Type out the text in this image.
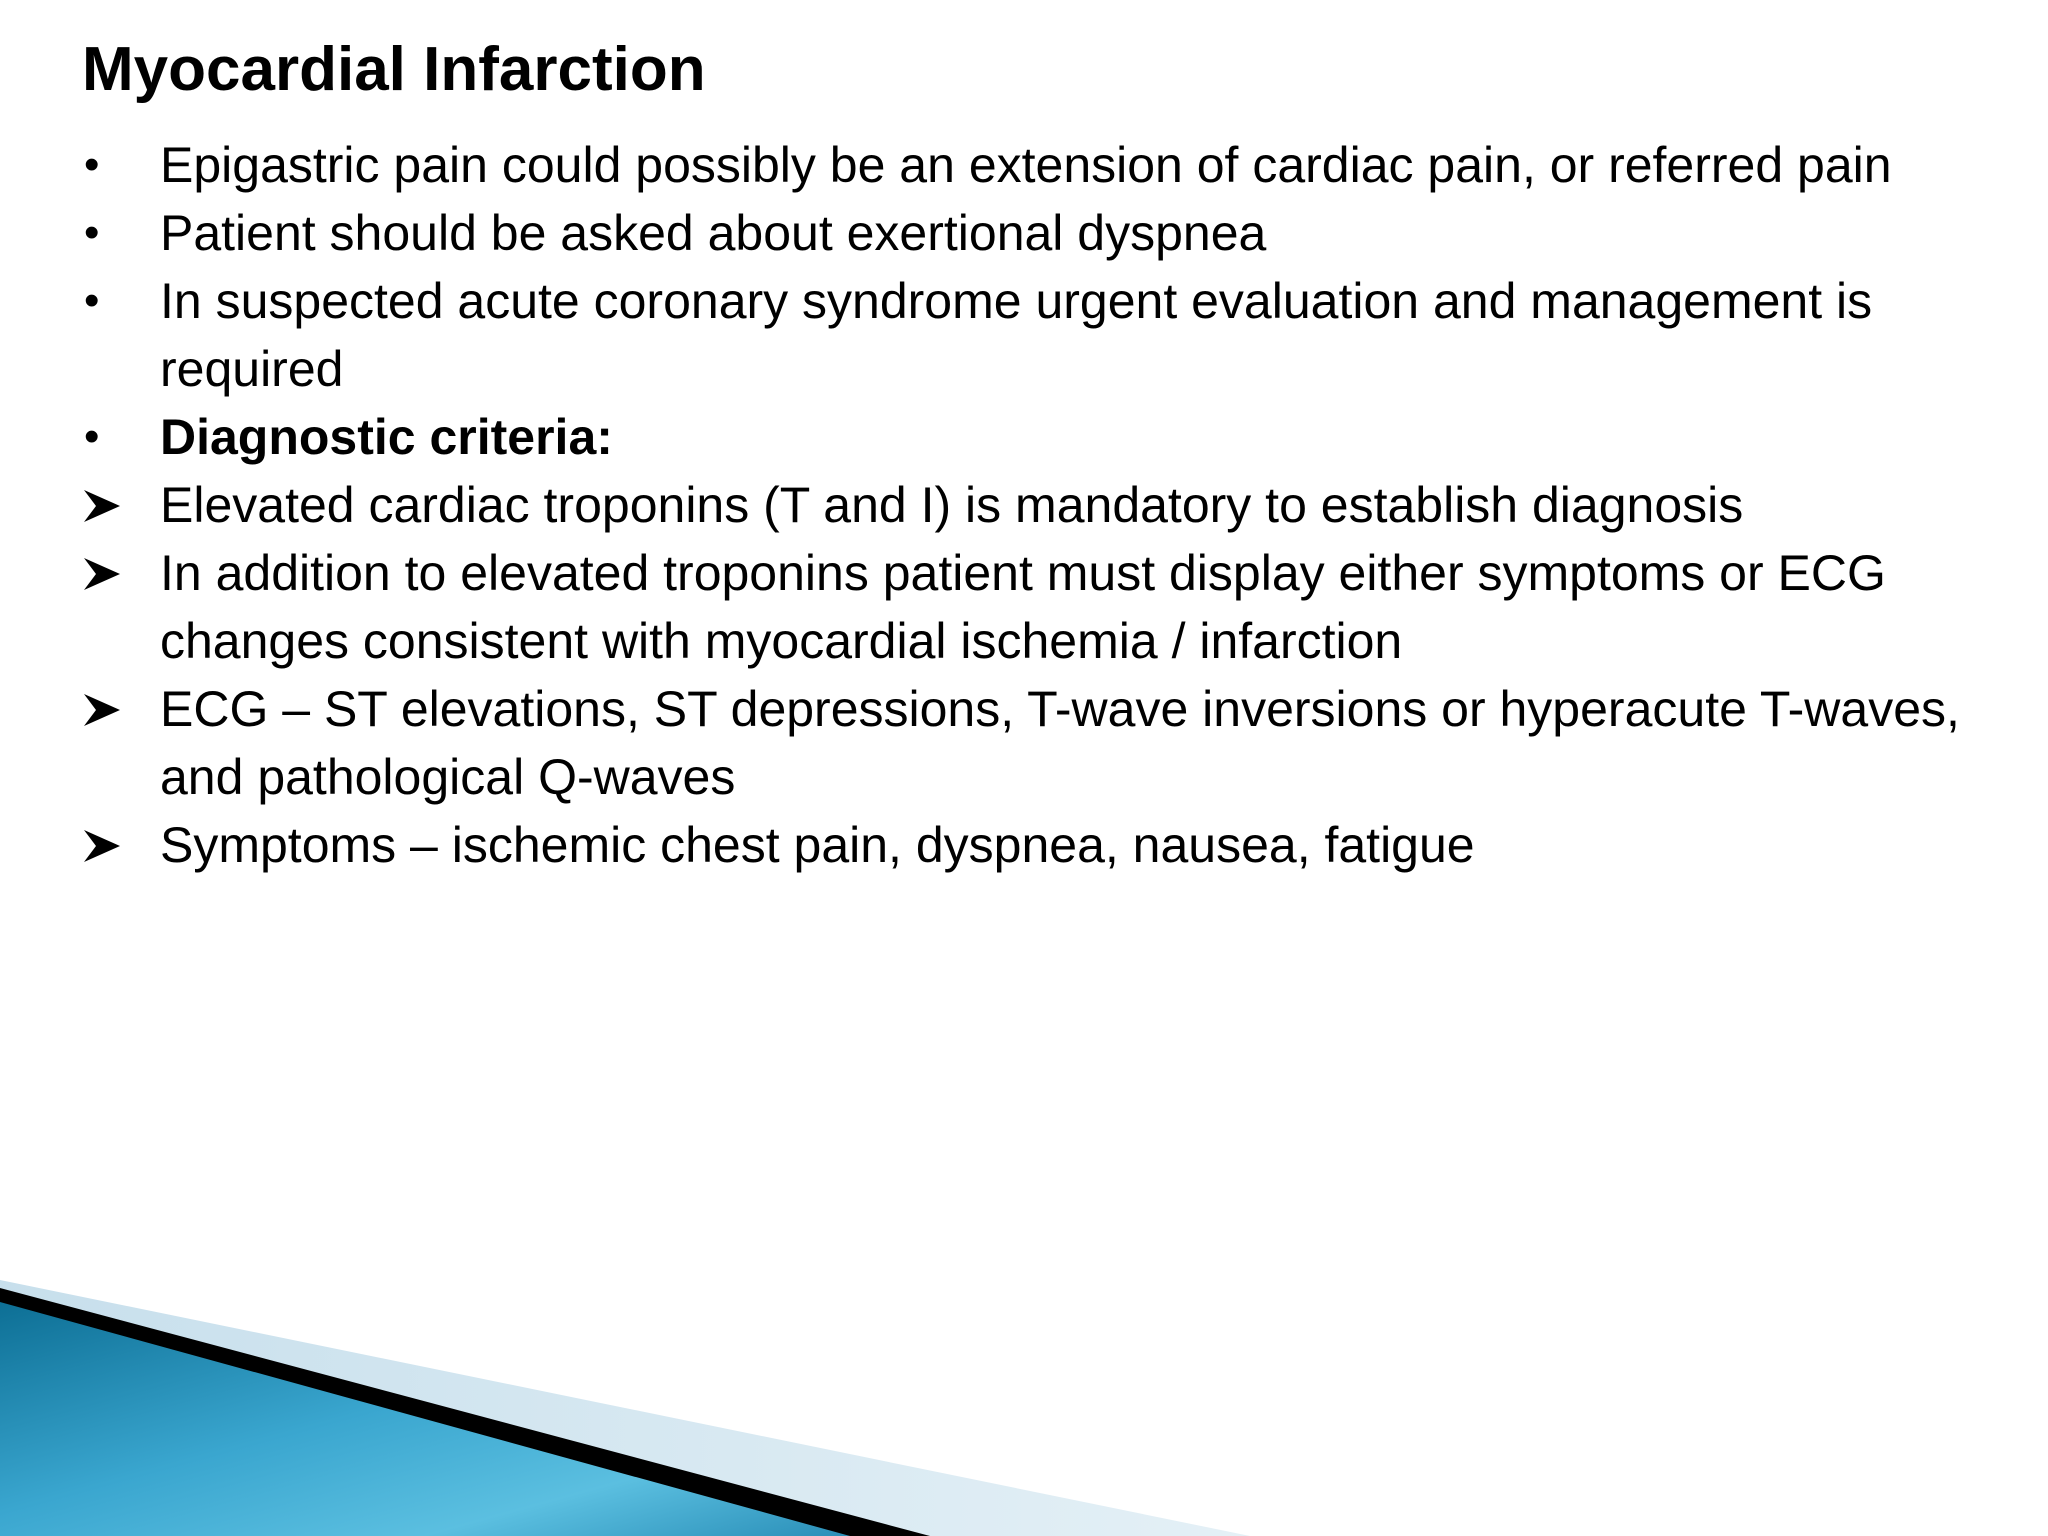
Myocardial Infarction
•	Epigastric pain could possibly be an extension of cardiac pain, or referred pain
•	Patient should be asked about exertional dyspnea
•	In suspected acute coronary syndrome urgent evaluation and management is required
•	Diagnostic criteria:
Elevated cardiac troponins (T and I) is mandatory to establish diagnosis
In addition to elevated troponins patient must display either symptoms or ECG changes consistent with myocardial ischemia / infarction
ECG – ST elevations, ST depressions, T-wave inversions or hyperacute T-waves, and pathological Q-waves
Symptoms – ischemic chest pain, dyspnea, nausea, fatigue
